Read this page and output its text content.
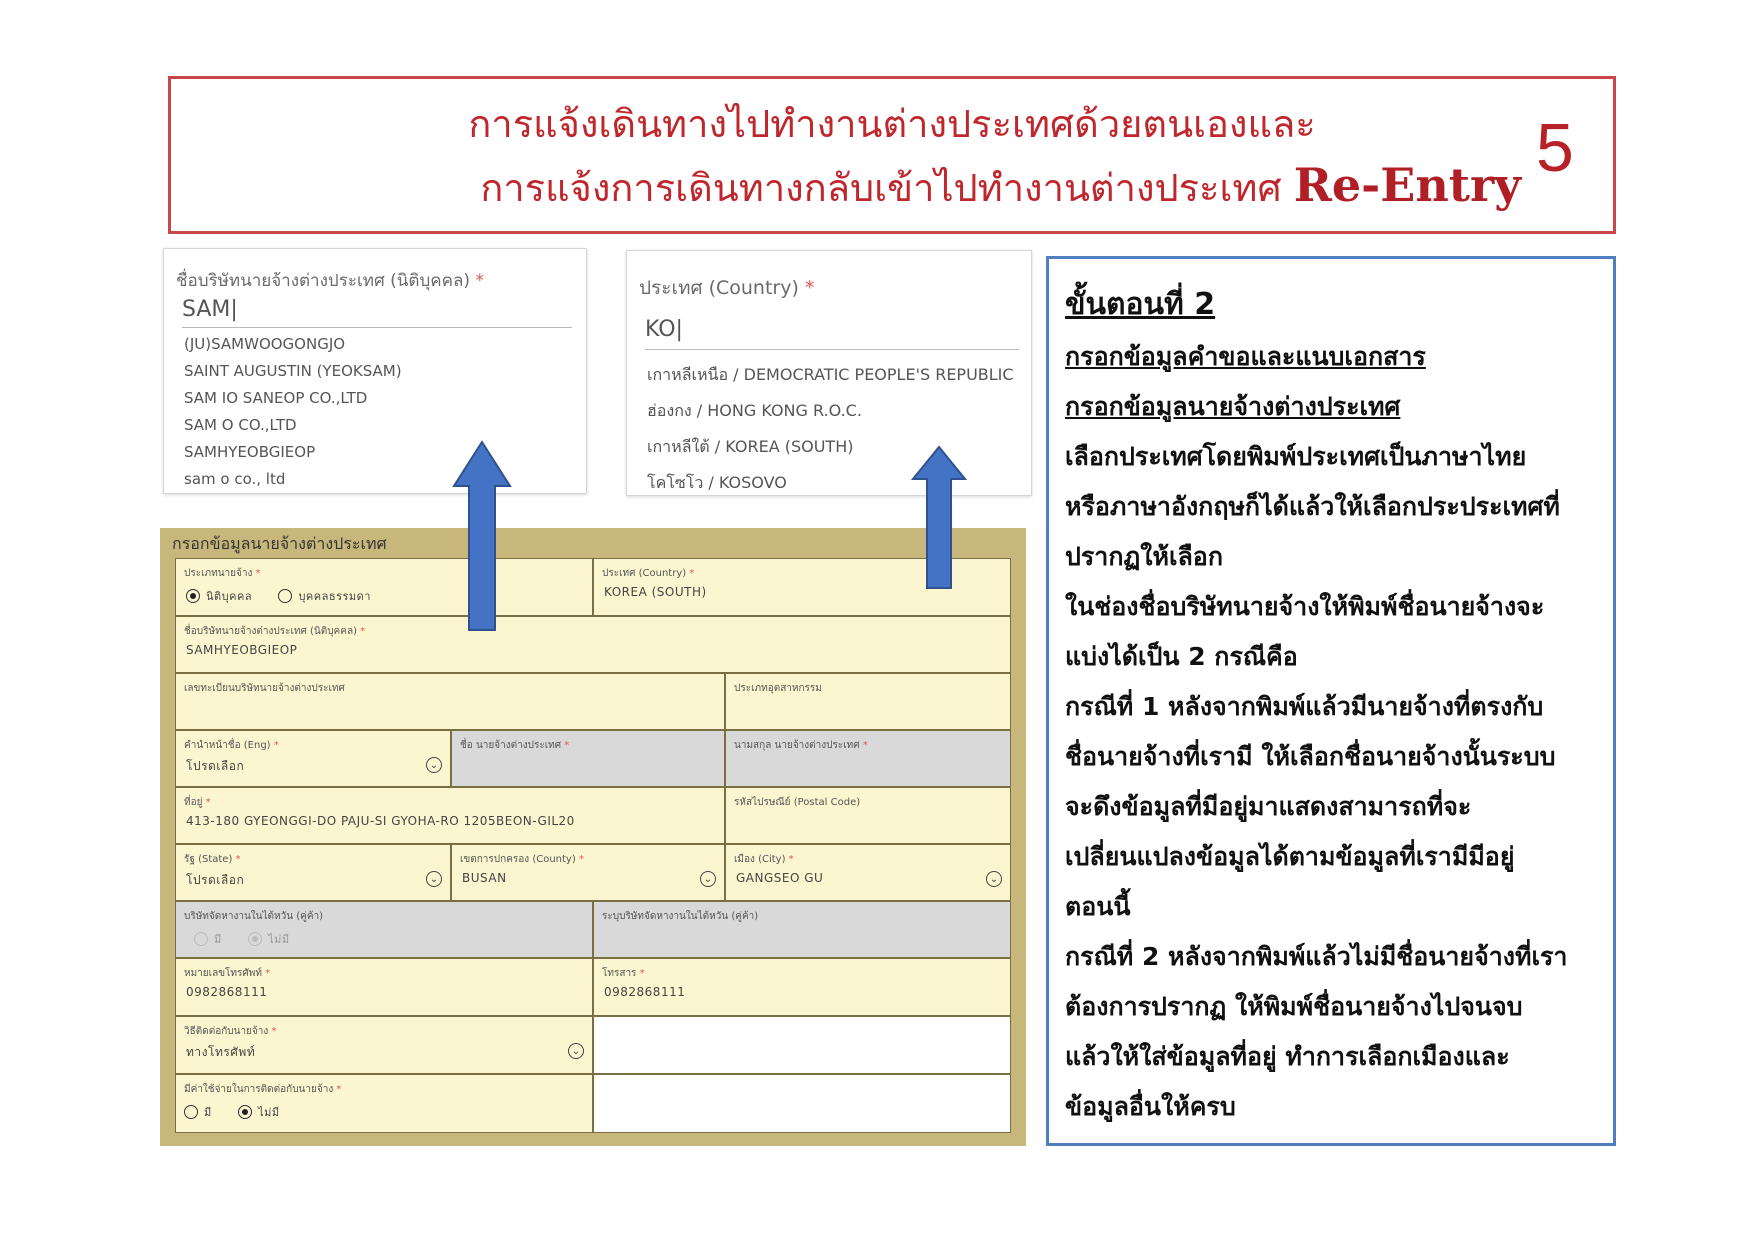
การแจ้งเดินทางไปทำงานต่างประเทศด้วยตนเองและ
การแจ้งการเดินทางกลับเข้าไปทำงานต่างประเทศ Re-Entry 5
ชื่อบริษัทนายจ้างต่างประเทศ (นิติบุคคล) *
SAM|
(JU)SAMWOOGONGJO
SAINT AUGUSTIN (YEOKSAM)
SAM IO SANEOP CO.,LTD
SAM O CO.,LTD
SAMHYEOBGIEOP
sam o co., ltd
ประเทศ (Country) *
KO|
เกาหลีเหนือ / DEMOCRATIC PEOPLE'S REPUBLIC
ฮ่องกง / HONG KONG R.O.C.
เกาหลีใต้ / KOREA (SOUTH)
โคโซโว / KOSOVO
กรอกข้อมูลนายจ้างต่างประเทศ
ประเภทนายจ้าง *
นิติบุคคล	บุคคลธรรมดา
ประเทศ (Country) *
KOREA (SOUTH)
ชื่อบริษัทนายจ้างต่างประเทศ (นิติบุคคล) *
SAMHYEOBGIEOP
เลขทะเบียนบริษัทนายจ้างต่างประเทศ	ประเภทอุตสาหกรรม
คำนำหน้าชื่อ (Eng) *
โปรดเลือก	⌄
ชื่อ นายจ้างต่างประเทศ *	นามสกุล นายจ้างต่างประเทศ *
ที่อยู่ *
413-180 GYEONGGI-DO PAJU-SI GYOHA-RO 1205BEON-GIL20
รหัสไปรษณีย์ (Postal Code)
รัฐ (State) *
โปรดเลือก	⌄
เขตการปกครอง (County) *
BUSAN	⌄
เมือง (City) *
GANGSEO GU	⌄
บริษัทจัดหางานในไต้หวัน (คู่ค้า)
มี	ไม่มี
ระบุบริษัทจัดหางานในไต้หวัน (คู่ค้า)
หมายเลขโทรศัพท์ *
0982868111
โทรสาร *
0982868111
วิธีติดต่อกับนายจ้าง *
ทางโทรศัพท์	⌄
มีค่าใช้จ่ายในการติดต่อกับนายจ้าง *
มี	ไม่มี
ขั้นตอนที่ 2
กรอกข้อมูลคำขอและแนบเอกสาร
กรอกข้อมูลนายจ้างต่างประเทศ
เลือกประเทศโดยพิมพ์ประเทศเป็นภาษาไทย
หรือภาษาอังกฤษก็ได้แล้วให้เลือกประประเทศที่
ปรากฏให้เลือก
ในช่องชื่อบริษัทนายจ้างให้พิมพ์ชื่อนายจ้างจะ
แบ่งได้เป็น 2 กรณีคือ
กรณีที่ 1 หลังจากพิมพ์แล้วมีนายจ้างที่ตรงกับ
ชื่อนายจ้างที่เรามี ให้เลือกชื่อนายจ้างนั้นระบบ
จะดึงข้อมูลที่มีอยู่มาแสดงสามารถที่จะ
เปลี่ยนแปลงข้อมูลได้ตามข้อมูลที่เรามีมีอยู่
ตอนนี้
กรณีที่ 2 หลังจากพิมพ์แล้วไม่มีชื่อนายจ้างที่เรา
ต้องการปรากฏ ให้พิมพ์ชื่อนายจ้างไปจนจบ
แล้วให้ใส่ข้อมูลที่อยู่ ทำการเลือกเมืองและ
ข้อมูลอื่นให้ครบ
